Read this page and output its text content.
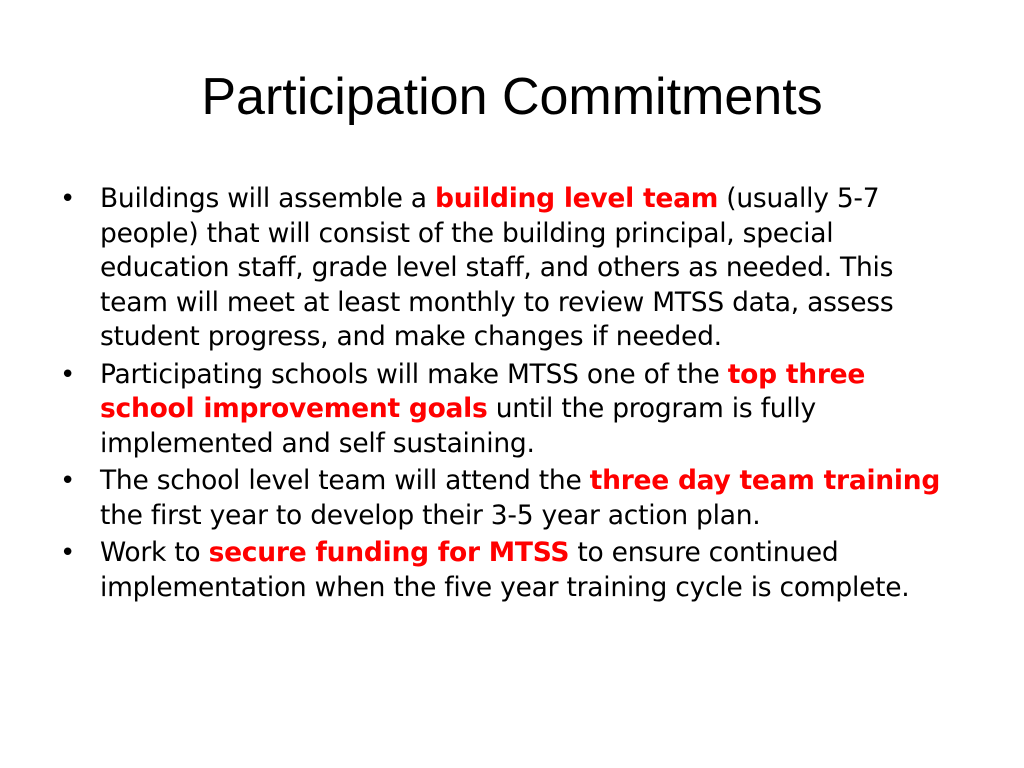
Participation Commitments
• Buildings will assemble a building level team (usually 5-7 people) that will consist of the building principal, special education staff, grade level staff, and others as needed. This team will meet at least monthly to review MTSS data, assess student progress, and make changes if needed.
• Participating schools will make MTSS one of the top three school improvement goals until the program is fully implemented and self sustaining.
• The school level team will attend the three day team training the first year to develop their 3-5 year action plan.
• Work to secure funding for MTSS to ensure continued implementation when the five year training cycle is complete.
